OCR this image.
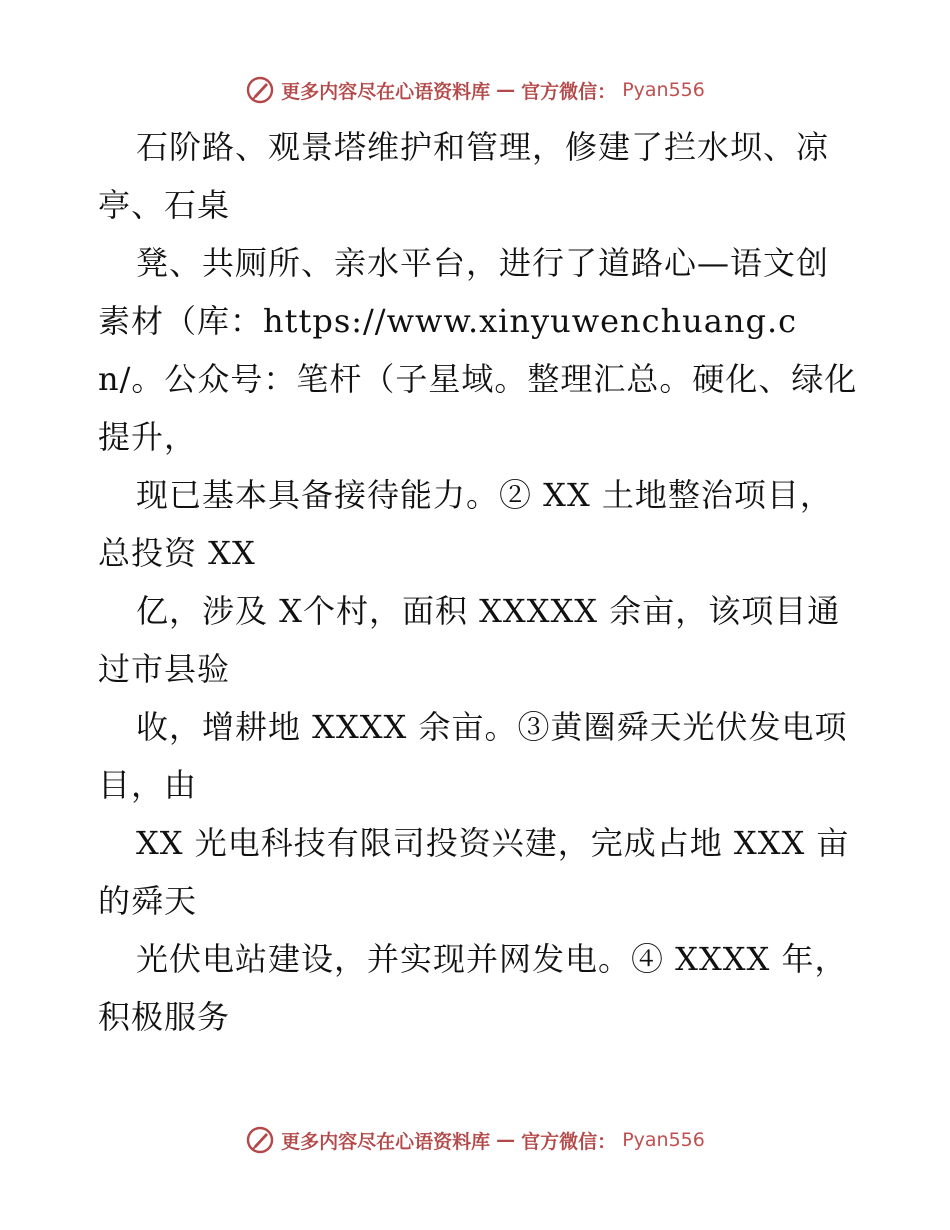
更多内容尽在心语资料库 — 官方微信： Pyan556

石阶路、观景塔维护和管理，修建了拦水坝、凉亭、石桌

凳、共厕所、亲水平台，进行了道路心—语文创素材（库：https://www.xinyuwenchuang.cn/。公众号：笔杆（子星域。整理汇总。硬化、绿化提升，

现已基本具备接待能力。② XX 土地整治项目，总投资 XX

亿，涉及 X个村，面积 XXXXX 余亩，该项目通过市县验

收，增耕地 XXXX 余亩。③黄圈舜天光伏发电项目，由

XX 光电科技有限司投资兴建，完成占地 XXX 亩的舜天

光伏电站建设，并实现并网发电。④ XXXX 年，积极服务

更多内容尽在心语资料库 — 官方微信： Pyan556
